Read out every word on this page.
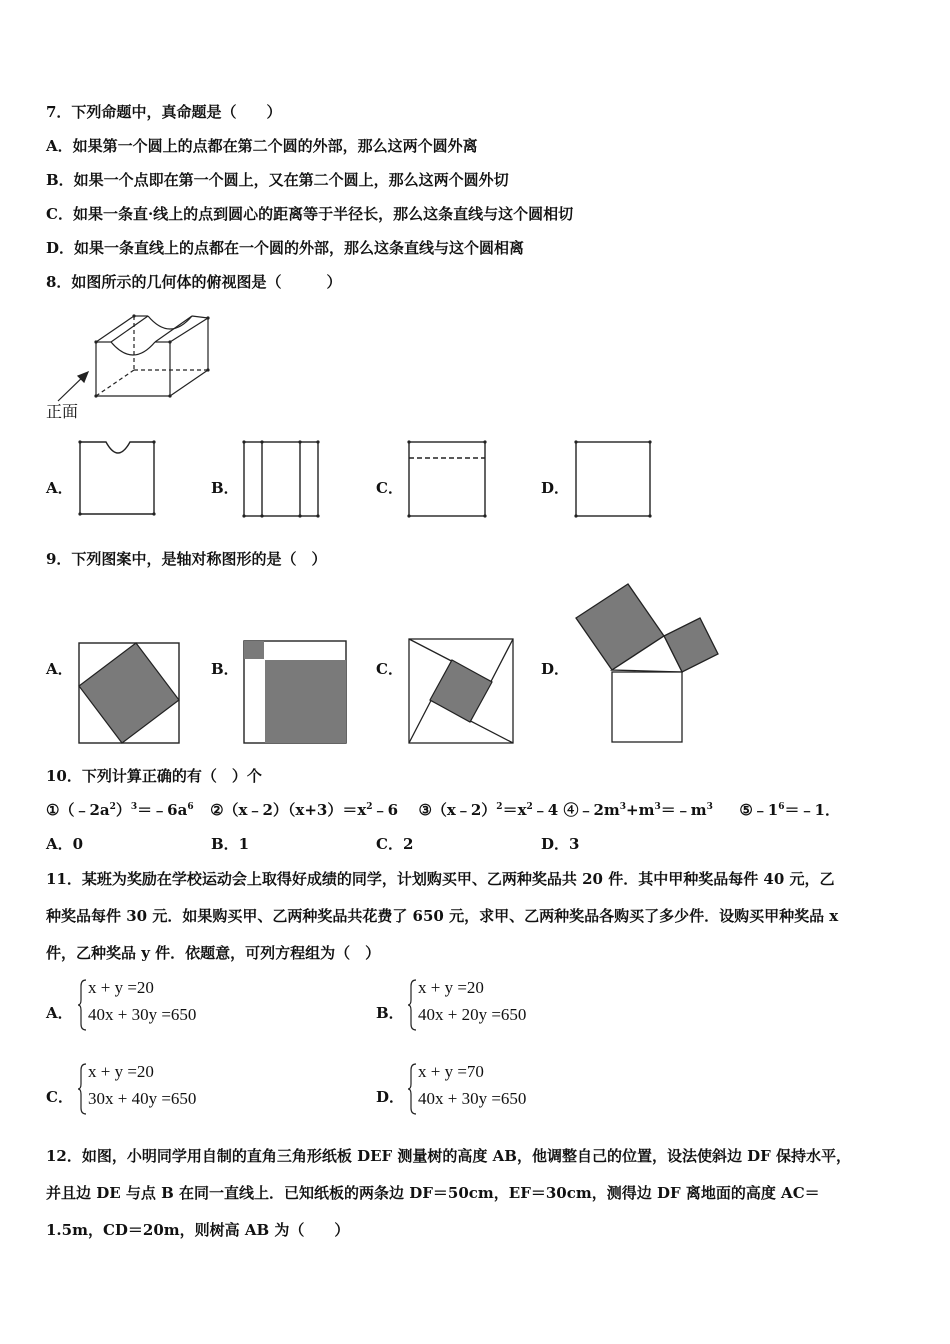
7．下列命题中，真命题是（　　）
A．如果第一个圆上的点都在第二个圆的外部，那么这两个圆外离
B．如果一个点即在第一个圆上，又在第二个圆上，那么这两个圆外切
C．如果一条直·线上的点到圆心的距离等于半径长，那么这条直线与这个圆相切
D．如果一条直线上的点都在一个圆的外部，那么这条直线与这个圆相离
8．如图所示的几何体的俯视图是（　　　）
正面
A．	B．	C．	D．
9．下列图案中，是轴对称图形的是（　）
A．	B．	C．	D．
10．下列计算正确的有（　）个
$①(﹣2a^2)^3=﹣6a^6$ $②(x﹣2)(x+3)=x^2﹣6$ $③(x﹣2)^2=x^2﹣4$ $④﹣2m^3+m^3=﹣m^3$ $⑤﹣1^6=﹣1$．
A．0	B．1	C．2	D．3
11．某班为奖励在学校运动会上取得好成绩的同学，计划购买甲、乙两种奖品共 20 件．其中甲种奖品每件 40 元，乙
种奖品每件 30 元．如果购买甲、乙两种奖品共花费了 650 元，求甲、乙两种奖品各购买了多少件．设购买甲种奖品 x
件，乙种奖品 y 件．依题意，可列方程组为（　）
A．
x + y =20
40x + 30y =650	B．
x + y =20
40x + 20y =650
C．
x + y =20
30x + 40y =650	D．
x + y =70
40x + 30y =650
12．如图，小明同学用自制的直角三角形纸板 DEF 测量树的高度 AB，他调整自己的位置，设法使斜边 DF 保持水平，
并且边 DE 与点 B 在同一直线上．已知纸板的两条边 DF＝50cm，EF＝30cm，测得边 DF 离地面的高度 AC＝
1.5m，CD＝20m，则树高 AB 为（　　）
